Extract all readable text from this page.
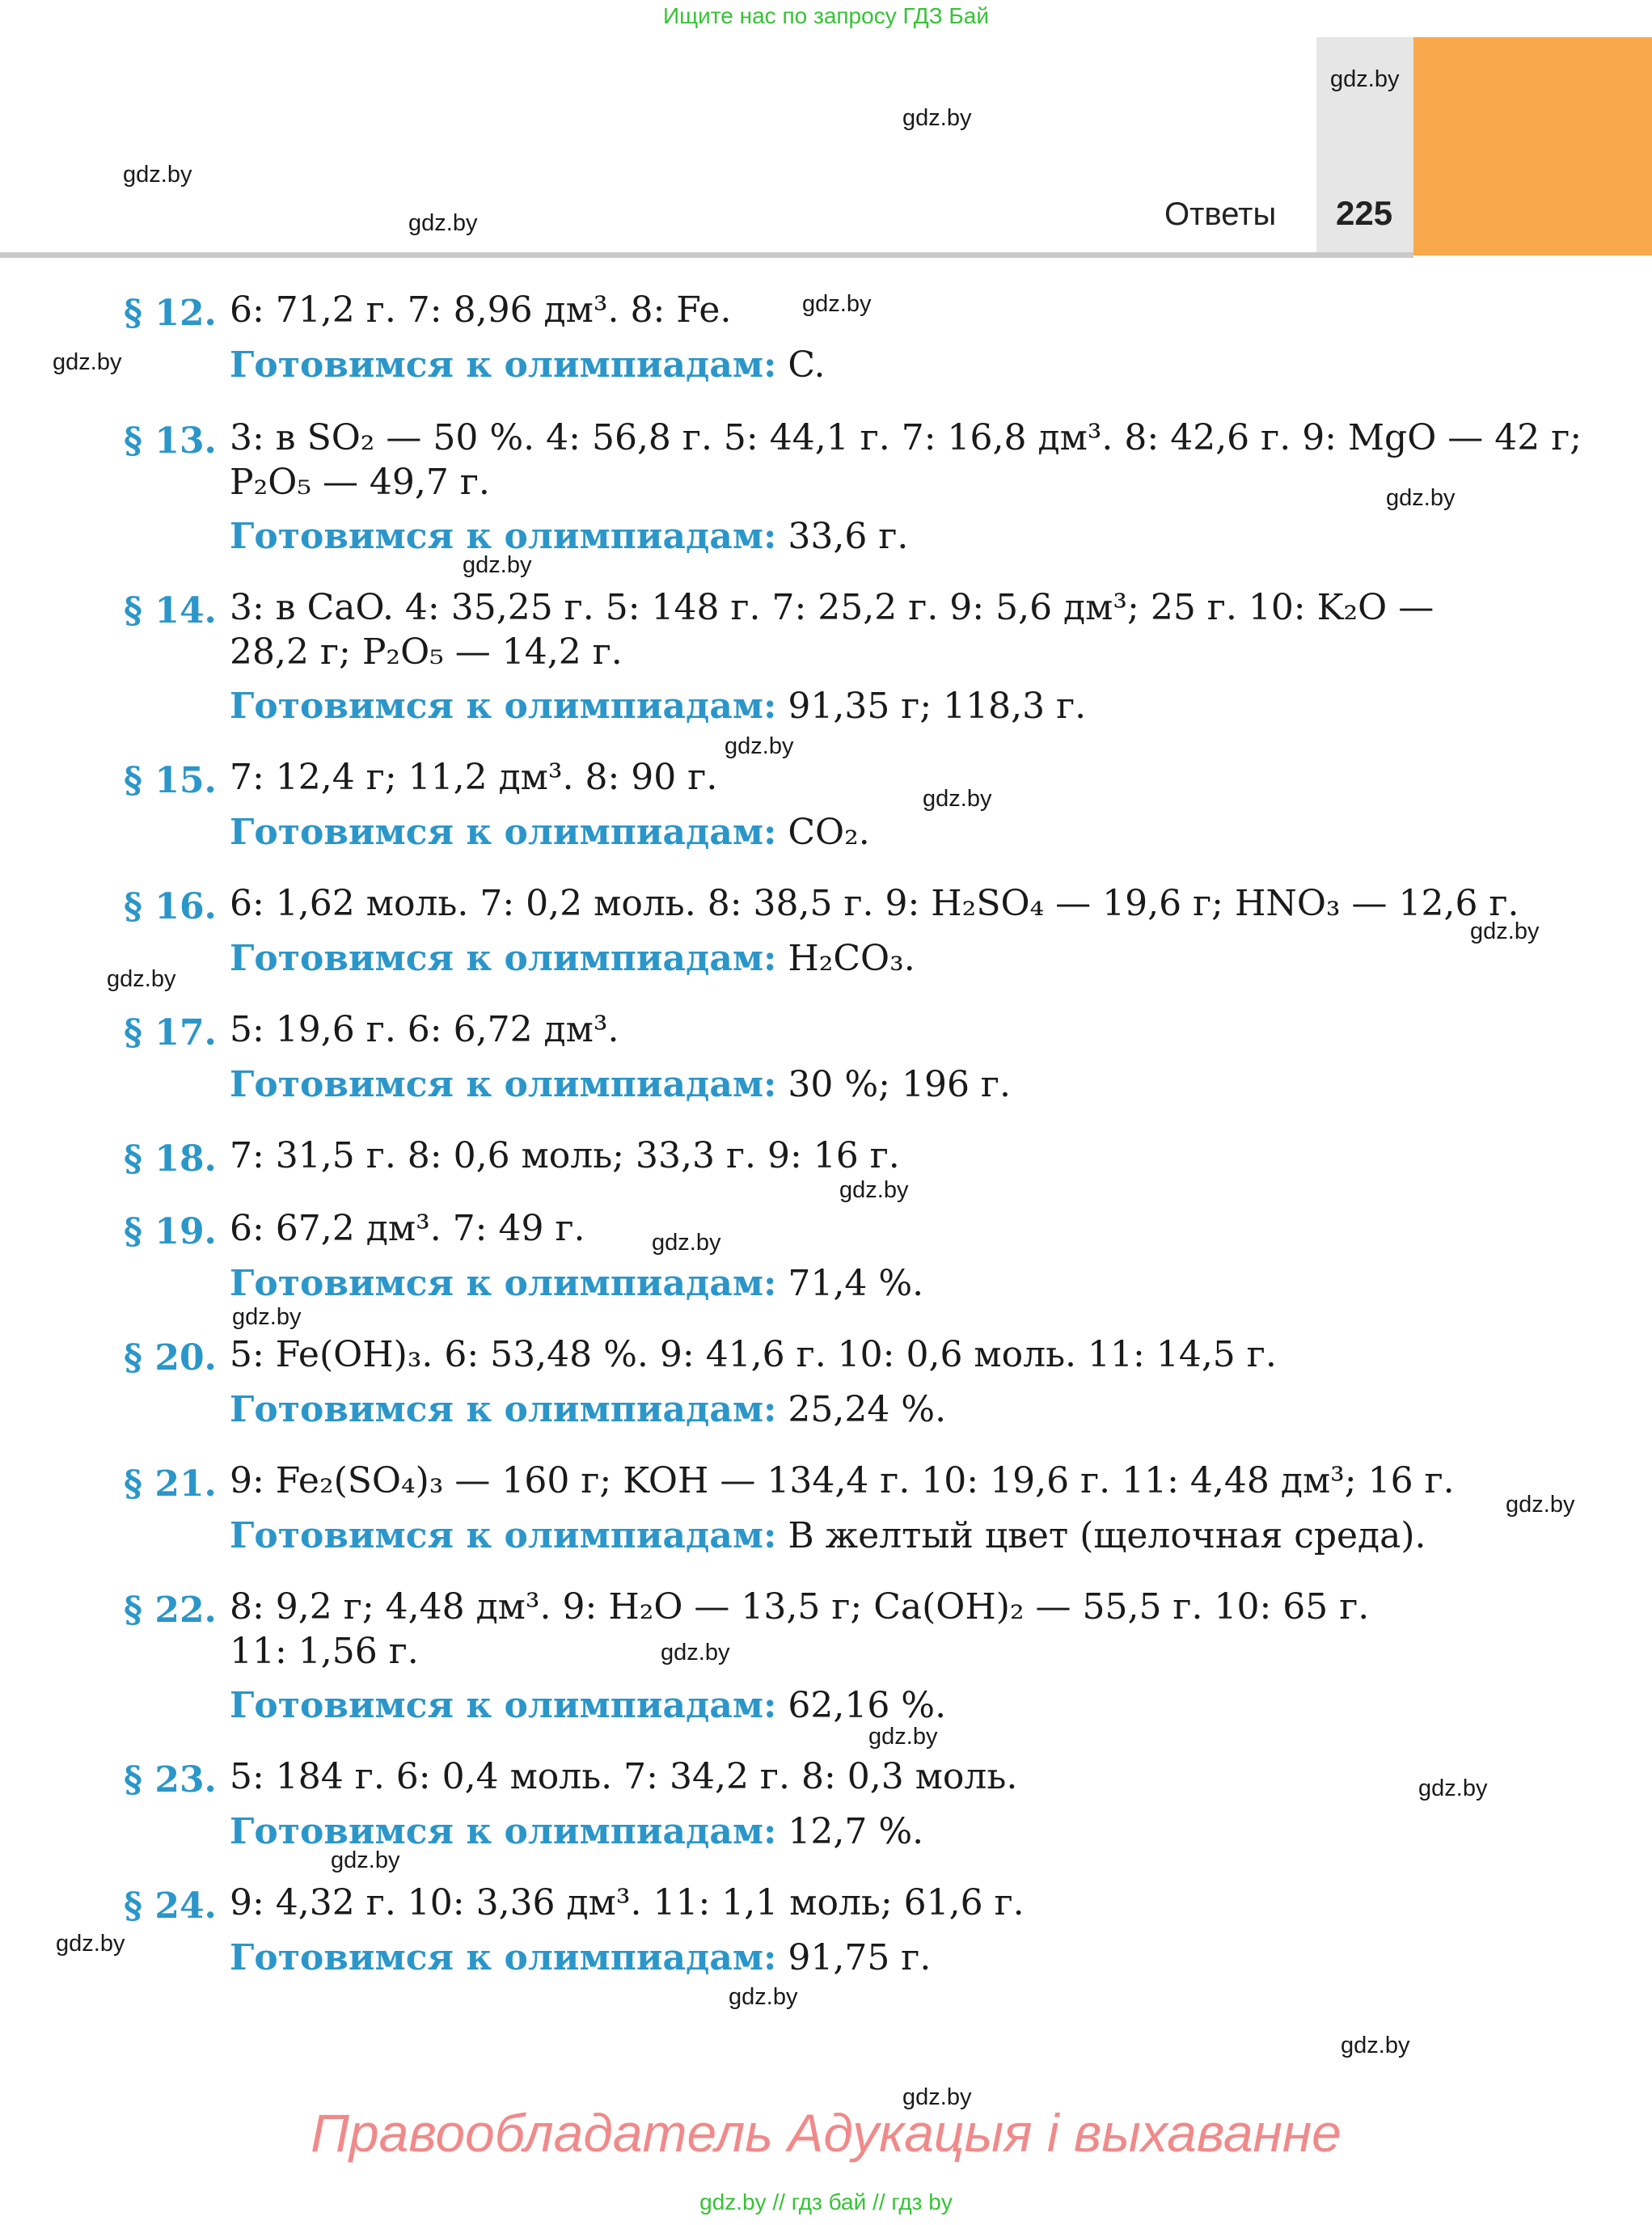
Ищите нас по запросу ГДЗ Бай
Ответы 225
gdz.by
gdz.by
gdz.by
gdz.by
gdz.by
gdz.by
gdz.by
gdz.by
gdz.by
gdz.by
gdz.by
gdz.by
gdz.by
gdz.by
gdz.by
gdz.by
gdz.by
gdz.by
gdz.by
gdz.by
gdz.by
gdz.by
gdz.by
gdz.by
§ 12. 6: 71,2 г. 7: 8,96 дм³. 8: Fe.
Готовимся к олимпиадам: C.
§ 13. 3: в SO₂ — 50 %. 4: 56,8 г. 5: 44,1 г. 7: 16,8 дм³. 8: 42,6 г. 9: MgO — 42 г;
P₂O₅ — 49,7 г.
Готовимся к олимпиадам: 33,6 г.
§ 14. 3: в CaO. 4: 35,25 г. 5: 148 г. 7: 25,2 г. 9: 5,6 дм³; 25 г. 10: K₂O —
28,2 г; P₂O₅ — 14,2 г.
Готовимся к олимпиадам: 91,35 г; 118,3 г.
§ 15. 7: 12,4 г; 11,2 дм³. 8: 90 г.
Готовимся к олимпиадам: CO₂.
§ 16. 6: 1,62 моль. 7: 0,2 моль. 8: 38,5 г. 9: H₂SO₄ — 19,6 г; HNO₃ — 12,6 г.
Готовимся к олимпиадам: H₂CO₃.
§ 17. 5: 19,6 г. 6: 6,72 дм³.
Готовимся к олимпиадам: 30 %; 196 г.
§ 18. 7: 31,5 г. 8: 0,6 моль; 33,3 г. 9: 16 г.
§ 19. 6: 67,2 дм³. 7: 49 г.
Готовимся к олимпиадам: 71,4 %.
§ 20. 5: Fe(OH)₃. 6: 53,48 %. 9: 41,6 г. 10: 0,6 моль. 11: 14,5 г.
Готовимся к олимпиадам: 25,24 %.
§ 21. 9: Fe₂(SO₄)₃ — 160 г; KOH — 134,4 г. 10: 19,6 г. 11: 4,48 дм³; 16 г.
Готовимся к олимпиадам: В желтый цвет (щелочная среда).
§ 22. 8: 9,2 г; 4,48 дм³. 9: H₂O — 13,5 г; Ca(OH)₂ — 55,5 г. 10: 65 г.
11: 1,56 г.
Готовимся к олимпиадам: 62,16 %.
§ 23. 5: 184 г. 6: 0,4 моль. 7: 34,2 г. 8: 0,3 моль.
Готовимся к олимпиадам: 12,7 %.
§ 24. 9: 4,32 г. 10: 3,36 дм³. 11: 1,1 моль; 61,6 г.
Готовимся к олимпиадам: 91,75 г.
Правообладатель Адукацыя і выхаванне
gdz.by // гдз бай // гдз by
